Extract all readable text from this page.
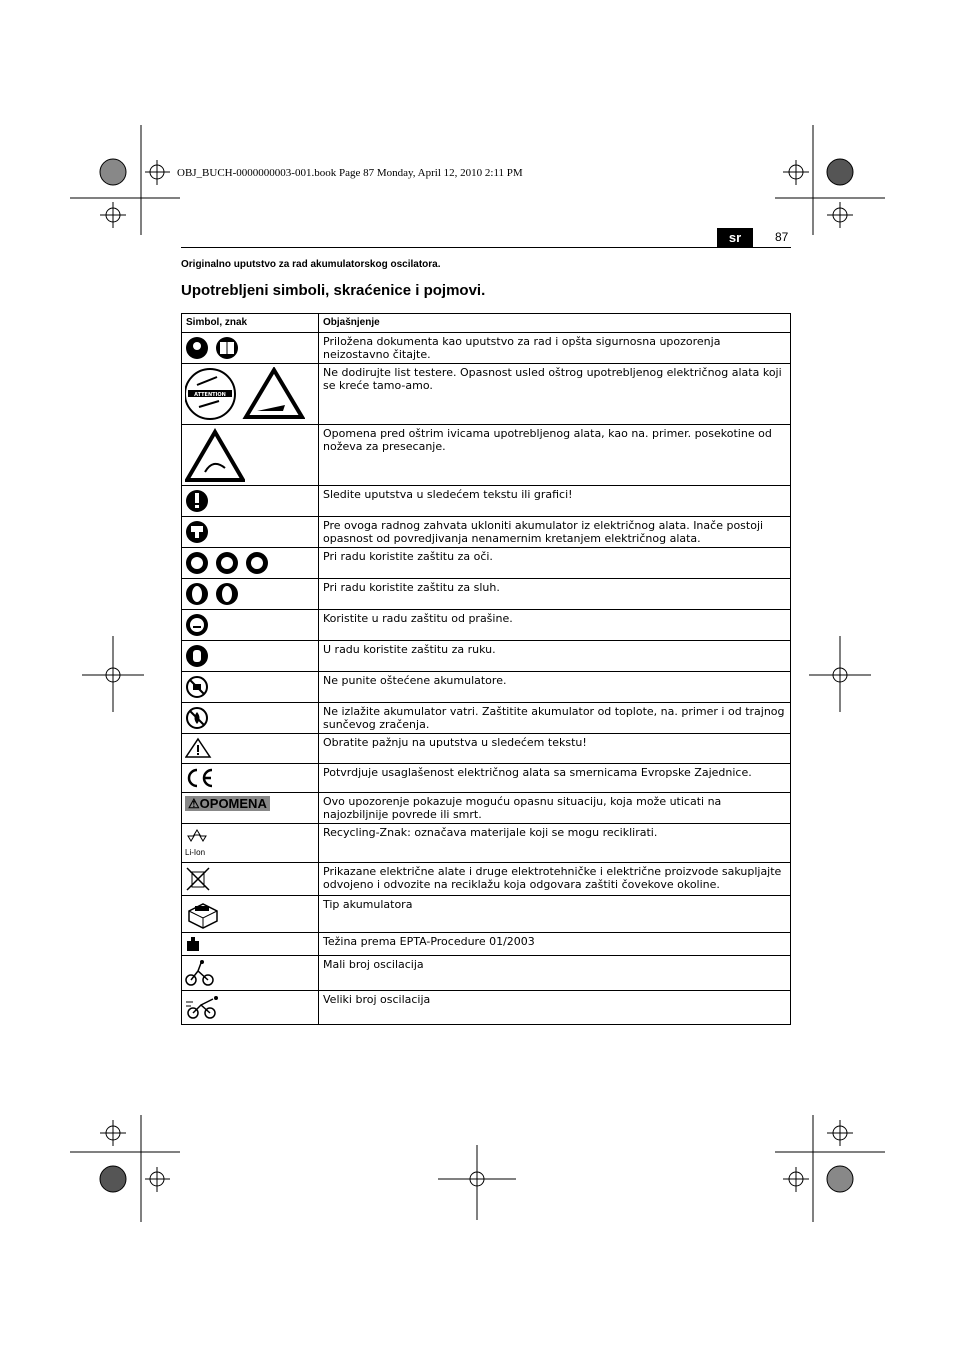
OBJ_BUCH-0000000003-001.book Page 87 Monday, April 12, 2010 2:11 PM
sr	87
Originalno uputstvo za rad akumulatorskog oscilatora.
Upotrebljeni simboli, skraćenice i pojmovi.
Simbol, znak	Objašnjenje

	Priložena dokumenta kao uputstvo za rad i opšta sigurnosna upozorenja neizostavno čitajte.

ATTENTION	Ne dodirujte list testere. Opasnost usled oštrog upotrebljenog električnog alata koji se kreće tamo-amo.

	Opomena pred oštrim ivicama upotrebljenog alata, kao na. primer. posekotine od noževa za presecanje.

	Sledite uputstva u sledećem tekstu ili grafici!

	Pre ovoga radnog zahvata ukloniti akumulator iz električnog alata. Inače postoji opasnost od povredjivanja nenamernim kretanjem električnog alata.

	Pri radu koristite zaštitu za oči.

	Pri radu koristite zaštitu za sluh.

	Koristite u radu zaštitu od prašine.

	U radu koristite zaštitu za ruku.

	Ne punite oštećene akumulatore.

	Ne izlažite akumulator vatri. Zaštitite akumulator od toplote, na. primer i od trajnog sunčevog zračenja.

	Obratite pažnju na uputstva u sledećem tekstu!

	Potvrdjuje usaglašenost električnog alata sa smernicama Evropske Zajednice.
⚠OPOMENA	Ovo upozorenje pokazuje moguću opasnu situaciju, koja može uticati na najozbiljnije povrede ili smrt.

Li-Ion	Recycling-Znak: označava materijale koji se mogu reciklirati.

	Prikazane električne alate i druge elektrotehničke i električne proizvode sakupljajte odvojeno i odvozite na reciklažu koja odgovara zaštiti čovekove okoline.

	Tip akumulatora

	Težina prema EPTA-Procedure 01/2003

	Mali broj oscilacija

	Veliki broj oscilacija
